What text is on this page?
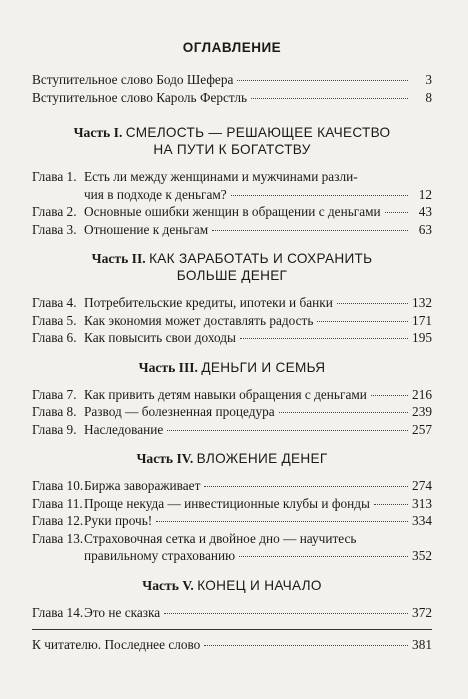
ОГЛАВЛЕНИЕ
Вступительное слово Бодо Шефера	3
Вступительное слово Кароль Ферстль	8
Часть I. СМЕЛОСТЬ — РЕШАЮЩЕЕ КАЧЕСТВО
НА ПУТИ К БОГАТСТВУ
Глава 1. Есть ли между женщинами и мужчинами разли-
чия в подходе к деньгам?	12
Глава 2. Основные ошибки женщин в обращении с деньгами	43
Глава 3. Отношение к деньгам	63
Часть II. КАК ЗАРАБОТАТЬ И СОХРАНИТЬ
БОЛЬШЕ ДЕНЕГ
Глава 4. Потребительские кредиты, ипотеки и банки	132
Глава 5. Как экономия может доставлять радость	171
Глава 6. Как повысить свои доходы	195
Часть III. ДЕНЬГИ И СЕМЬЯ
Глава 7. Как привить детям навыки обращения с деньгами	216
Глава 8. Развод — болезненная процедура	239
Глава 9. Наследование	257
Часть IV. ВЛОЖЕНИЕ ДЕНЕГ
Глава 10. Биржа завораживает	274
Глава 11. Проще некуда — инвестиционные клубы и фонды	313
Глава 12. Руки прочь!	334
Глава 13. Страховочная сетка и двойное дно — научитесь
правильному страхованию	352
Часть V. КОНЕЦ И НАЧАЛО
Глава 14. Это не сказка	372
К читателю. Последнее слово	381
